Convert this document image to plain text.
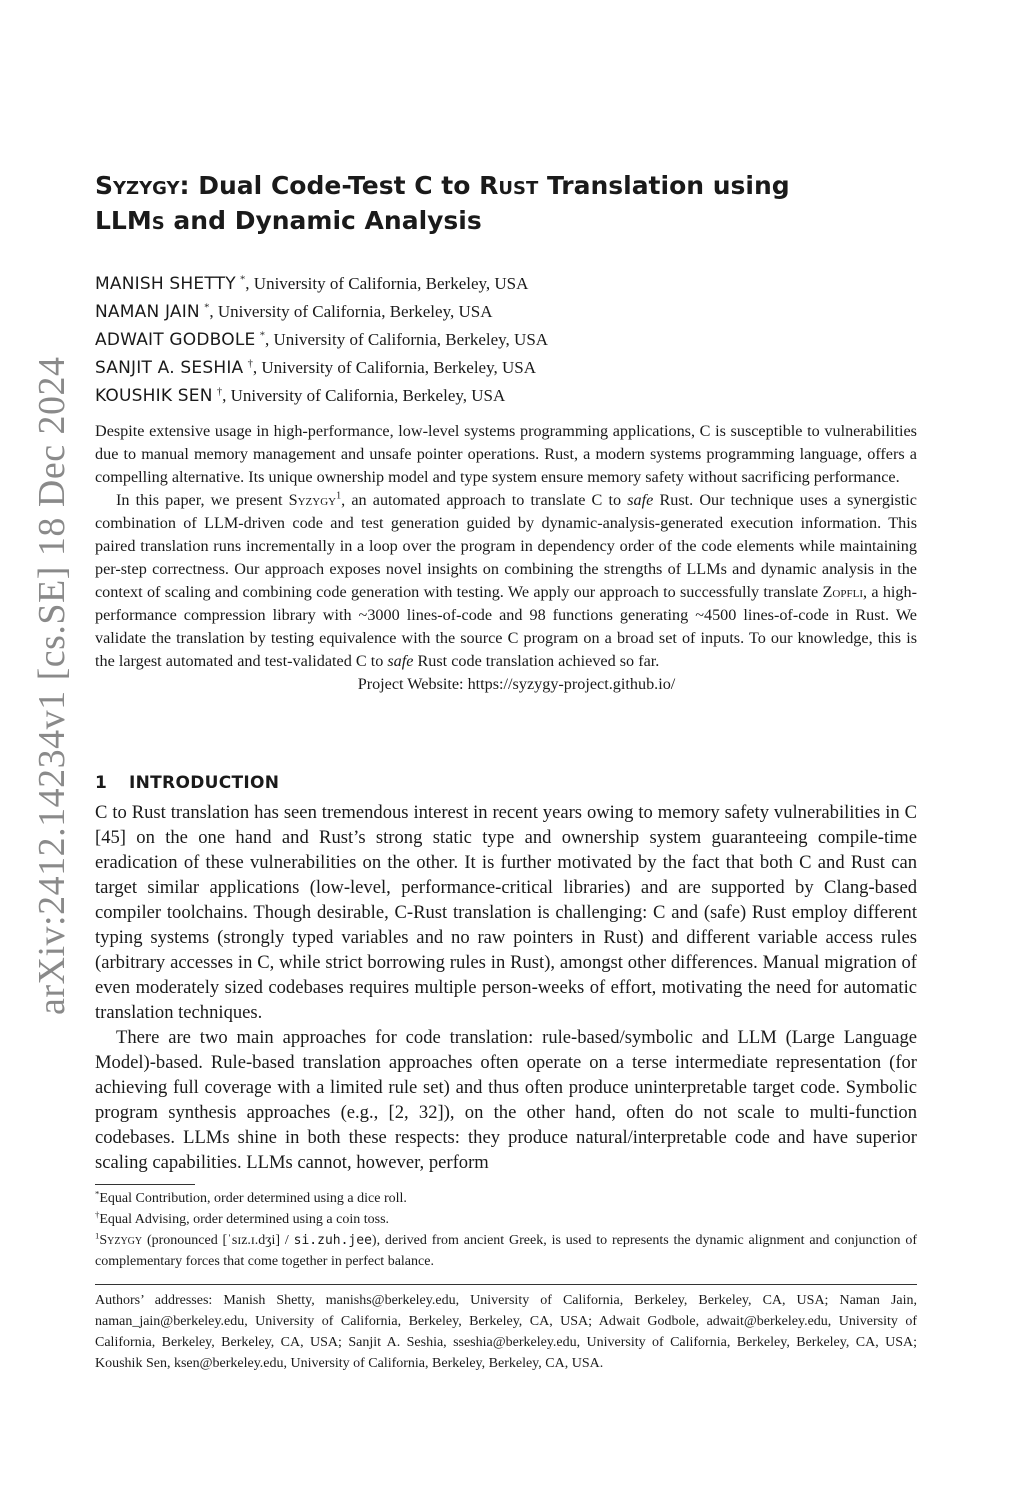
arXiv:2412.14234v1 [cs.SE] 18 Dec 2024
Syzygy: Dual Code-Test C to Rust Translation using
LLMs and Dynamic Analysis
MANISH SHETTY *, University of California, Berkeley, USA
NAMAN JAIN *, University of California, Berkeley, USA
ADWAIT GODBOLE *, University of California, Berkeley, USA
SANJIT A. SESHIA †, University of California, Berkeley, USA
KOUSHIK SEN †, University of California, Berkeley, USA

Despite extensive usage in high-performance, low-level systems programming applications, C is susceptible to vulnerabilities due to manual memory management and unsafe pointer operations. Rust, a modern systems programming language, offers a compelling alternative. Its unique ownership model and type system ensure memory safety without sacrificing performance.

In this paper, we present Syzygy$^1$, an automated approach to translate C to safe Rust. Our technique uses a synergistic combination of LLM-driven code and test generation guided by dynamic-analysis-generated execution information. This paired translation runs incrementally in a loop over the program in dependency order of the code elements while maintaining per-step correctness. Our approach exposes novel insights on combining the strengths of LLMs and dynamic analysis in the context of scaling and combining code generation with testing. We apply our approach to successfully translate Zopfli, a high-performance compression library with ~3000 lines-of-code and 98 functions generating ~4500 lines-of-code in Rust. We validate the translation by testing equivalence with the source C program on a broad set of inputs. To our knowledge, this is the largest automated and test-validated C to safe Rust code translation achieved so far.

Project Website: https://syzygy-project.github.io/

1 INTRODUCTION

C to Rust translation has seen tremendous interest in recent years owing to memory safety vulnerabilities in C [45] on the one hand and Rust’s strong static type and ownership system guaranteeing compile-time eradication of these vulnerabilities on the other. It is further motivated by the fact that both C and Rust can target similar applications (low-level, performance-critical libraries) and are supported by Clang-based compiler toolchains. Though desirable, C-Rust translation is challenging: C and (safe) Rust employ different typing systems (strongly typed variables and no raw pointers in Rust) and different variable access rules (arbitrary accesses in C, while strict borrowing rules in Rust), amongst other differences. Manual migration of even moderately sized codebases requires multiple person-weeks of effort, motivating the need for automatic translation techniques.

There are two main approaches for code translation: rule-based/symbolic and LLM (Large Language Model)-based. Rule-based translation approaches often operate on a terse intermediate representation (for achieving full coverage with a limited rule set) and thus often produce uninterpretable target code. Symbolic program synthesis approaches (e.g., [2, 32]), on the other hand, often do not scale to multi-function codebases. LLMs shine in both these respects: they produce natural/interpretable code and have superior scaling capabilities. LLMs cannot, however, perform

*Equal Contribution, order determined using a dice roll.

†Equal Advising, order determined using a coin toss.

$^1$Syzygy (pronounced [ˈsɪz.ɪ.dʒi] / si.zuh.jee), derived from ancient Greek, is used to represents the dynamic alignment and conjunction of complementary forces that come together in perfect balance.

Authors’ addresses: Manish Shetty, manishs@berkeley.edu, University of California, Berkeley, Berkeley, CA, USA; Naman Jain, naman_jain@berkeley.edu, University of California, Berkeley, Berkeley, CA, USA; Adwait Godbole, adwait@berkeley.edu, University of California, Berkeley, Berkeley, CA, USA; Sanjit A. Seshia, sseshia@berkeley.edu, University of California, Berkeley, Berkeley, CA, USA; Koushik Sen, ksen@berkeley.edu, University of California, Berkeley, Berkeley, CA, USA.
